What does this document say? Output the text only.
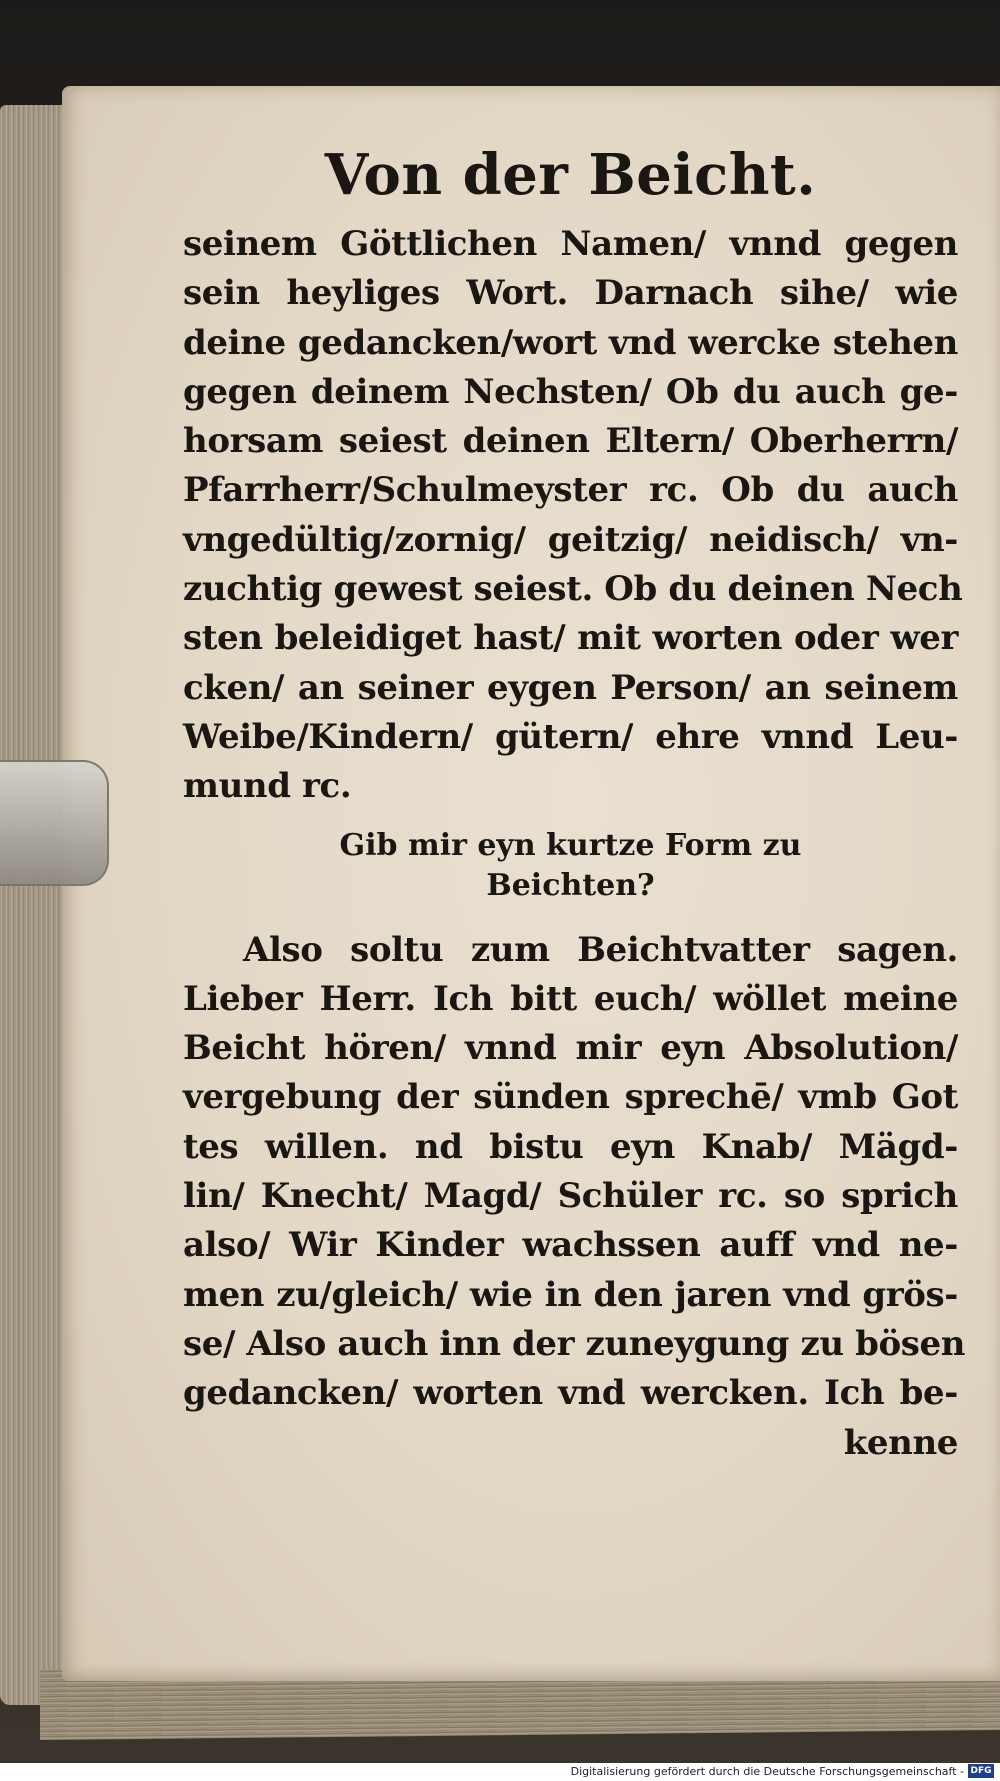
Von der Beicht.
seinem Göttlichen Namen/ vnnd gegen
sein heyliges Wort. Darnach sihe/ wie
deine gedancken/wort vnd wercke stehen
gegen deinem Nechsten/ Ob du auch ge-
horsam seiest deinen Eltern/ Oberherrn/
Pfarrherr/Schulmeyster rc. Ob du auch
vngedültig/zornig/ geitzig/ neidisch/ vn-
zuchtig gewest seiest. Ob du deinen Nech
sten beleidiget hast/ mit worten oder wer
cken/ an seiner eygen Person/ an seinem
Weibe/Kindern/ gütern/ ehre vnnd Leu-
mund rc.
Gib mir eyn kurtze Form zu
Beichten?
Also soltu zum Beichtvatter sagen.
Lieber Herr. Ich bitt euch/ wöllet meine
Beicht hören/ vnnd mir eyn Absolution/
vergebung der sünden sprechē/ vmb Got
tes willen. nd bistu eyn Knab/ Mägd-
lin/ Knecht/ Magd/ Schüler rc. so sprich
also/ Wir Kinder wachssen auff vnd ne-
men zu/gleich/ wie in den jaren vnd grös-
se/ Also auch inn der zuneygung zu bösen
gedancken/ worten vnd wercken. Ich be-
kenne
Digitalisierung gefördert durch die Deutsche Forschungsgemeinschaft - DFG
